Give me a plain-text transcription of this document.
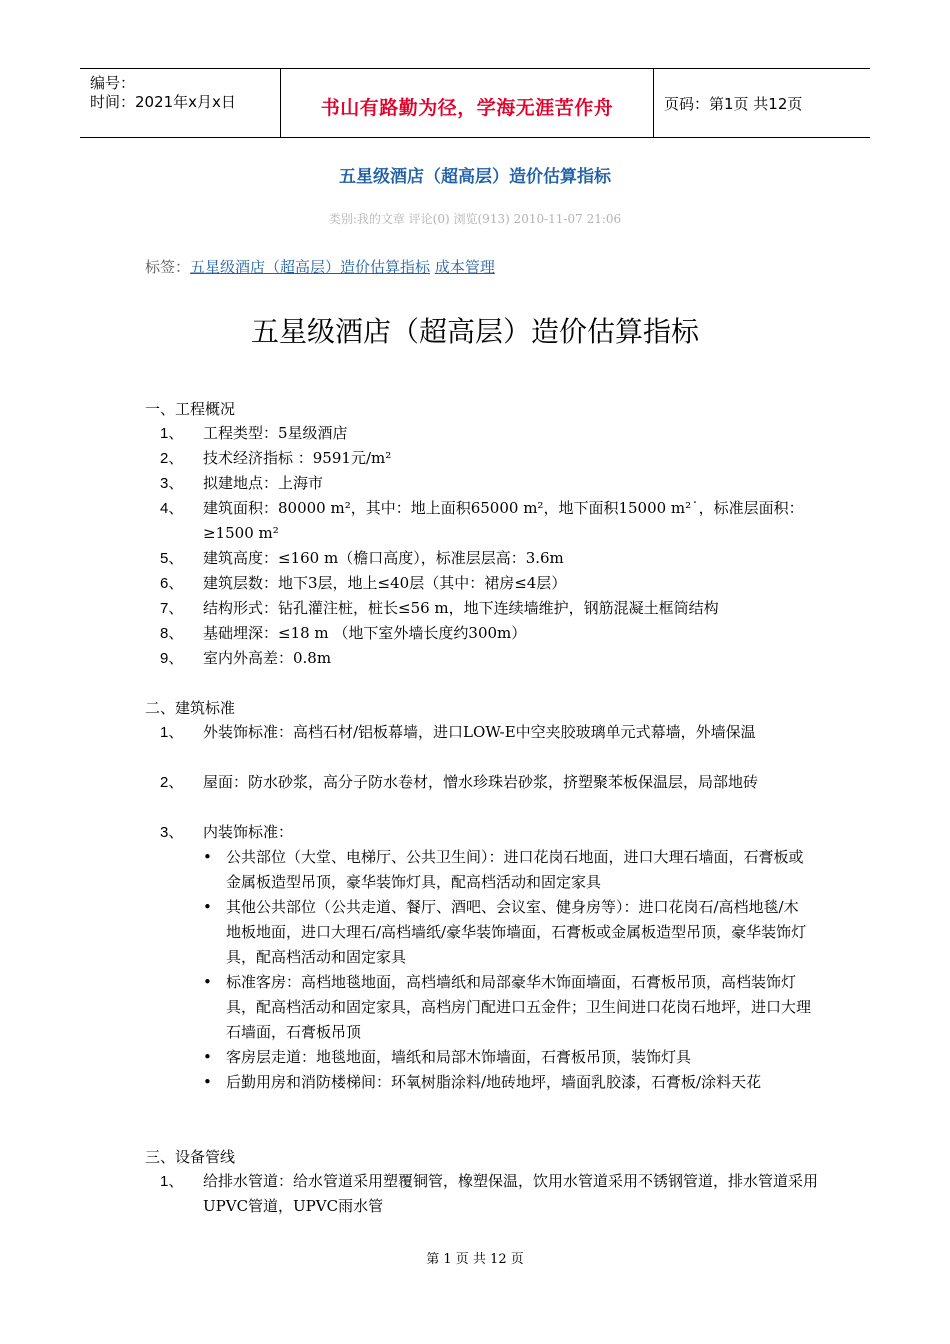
编号：
时间：2021年x月x日	书山有路勤为径，学海无涯苦作舟	页码：第1页 共12页
五星级酒店（超高层）造价估算指标
类别:我的文章 评论(0) 浏览(913) 2010-11-07 21:06
标签：五星级酒店（超高层）造价估算指标 成本管理
五星级酒店（超高层）造价估算指标
一、工程概况
1、 工程类型：5星级酒店
2、 技术经济指标 ：9591元/m²
3、 拟建地点：上海市
4、 建筑面积：80000 m²，其中：地上面积65000 m²，地下面积15000 m²˙，标准层面积：≥1500 m²
5、 建筑高度：≤160 m（檐口高度），标准层层高：3.6m
6、 建筑层数：地下3层，地上≤40层（其中：裙房≤4层）
7、 结构形式：钻孔灌注桩，桩长≤56 m，地下连续墙维护，钢筋混凝土框筒结构
8、 基础埋深：≤18 m （地下室外墙长度约300m）
9、 室内外高差：0.8m
二、建筑标准
1、 外装饰标准：高档石材/铝板幕墙，进口LOW-E中空夹胶玻璃单元式幕墙，外墙保温
2、 屋面：防水砂浆，高分子防水卷材，憎水珍珠岩砂浆，挤塑聚苯板保温层，局部地砖
3、 内装饰标准：
• 公共部位（大堂、电梯厅、公共卫生间）：进口花岗石地面，进口大理石墙面，石膏板或金属板造型吊顶，豪华装饰灯具，配高档活动和固定家具
• 其他公共部位（公共走道、餐厅、酒吧、会议室、健身房等）：进口花岗石/高档地毯/木地板地面，进口大理石/高档墙纸/豪华装饰墙面，石膏板或金属板造型吊顶，豪华装饰灯具，配高档活动和固定家具
• 标准客房：高档地毯地面，高档墙纸和局部豪华木饰面墙面，石膏板吊顶，高档装饰灯具，配高档活动和固定家具，高档房门配进口五金件；卫生间进口花岗石地坪，进口大理石墙面，石膏板吊顶
• 客房层走道：地毯地面，墙纸和局部木饰墙面，石膏板吊顶，装饰灯具
• 后勤用房和消防楼梯间：环氧树脂涂料/地砖地坪，墙面乳胶漆，石膏板/涂料天花
三、设备管线
1、 给排水管道：给水管道采用塑覆铜管，橡塑保温，饮用水管道采用不锈钢管道，排水管道采用UPVC管道，UPVC雨水管
第 1 页 共 12 页
